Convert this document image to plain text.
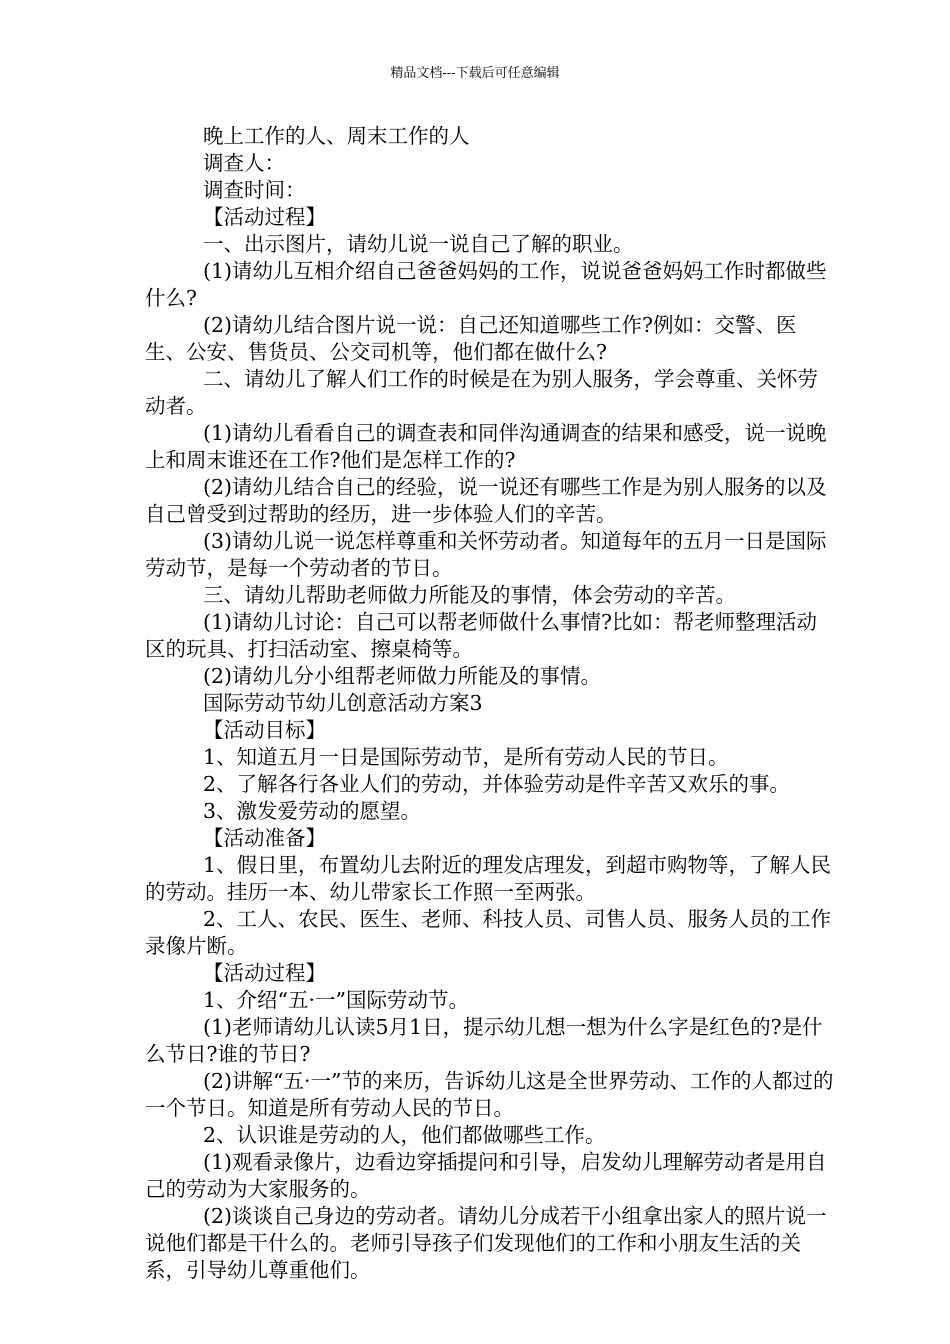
精品文档---下载后可任意编辑

晚上工作的人、周末工作的人

调查人：

调查时间：

【活动过程】

一、出示图片，请幼儿说一说自己了解的职业。

(1)请幼儿互相介绍自己爸爸妈妈的工作，说说爸爸妈妈工作时都做些什么?

(2)请幼儿结合图片说一说：自己还知道哪些工作?例如：交警、医生、公安、售货员、公交司机等，他们都在做什么?

二、请幼儿了解人们工作的时候是在为别人服务，学会尊重、关怀劳动者。

(1)请幼儿看看自己的调查表和同伴沟通调查的结果和感受，说一说晚上和周末谁还在工作?他们是怎样工作的?

(2)请幼儿结合自己的经验，说一说还有哪些工作是为别人服务的以及自己曾受到过帮助的经历，进一步体验人们的辛苦。

(3)请幼儿说一说怎样尊重和关怀劳动者。知道每年的五月一日是国际劳动节，是每一个劳动者的节日。

三、请幼儿帮助老师做力所能及的事情，体会劳动的辛苦。

(1)请幼儿讨论：自己可以帮老师做什么事情?比如：帮老师整理活动区的玩具、打扫活动室、擦桌椅等。

(2)请幼儿分小组帮老师做力所能及的事情。

国际劳动节幼儿创意活动方案3

【活动目标】

1、知道五月一日是国际劳动节，是所有劳动人民的节日。

2、了解各行各业人们的劳动，并体验劳动是件辛苦又欢乐的事。

3、激发爱劳动的愿望。

【活动准备】

1、假日里，布置幼儿去附近的理发店理发，到超市购物等，了解人民的劳动。挂历一本、幼儿带家长工作照一至两张。

2、工人、农民、医生、老师、科技人员、司售人员、服务人员的工作录像片断。

【活动过程】

1、介绍“五·一”国际劳动节。

(1)老师请幼儿认读5月1日，提示幼儿想一想为什么字是红色的?是什么节日?谁的节日?

(2)讲解“五·一”节的来历，告诉幼儿这是全世界劳动、工作的人都过的一个节日。知道是所有劳动人民的节日。

2、认识谁是劳动的人，他们都做哪些工作。

(1)观看录像片，边看边穿插提问和引导，启发幼儿理解劳动者是用自己的劳动为大家服务的。

(2)谈谈自己身边的劳动者。请幼儿分成若干小组拿出家人的照片说一说他们都是干什么的。老师引导孩子们发现他们的工作和小朋友生活的关系，引导幼儿尊重他们。
